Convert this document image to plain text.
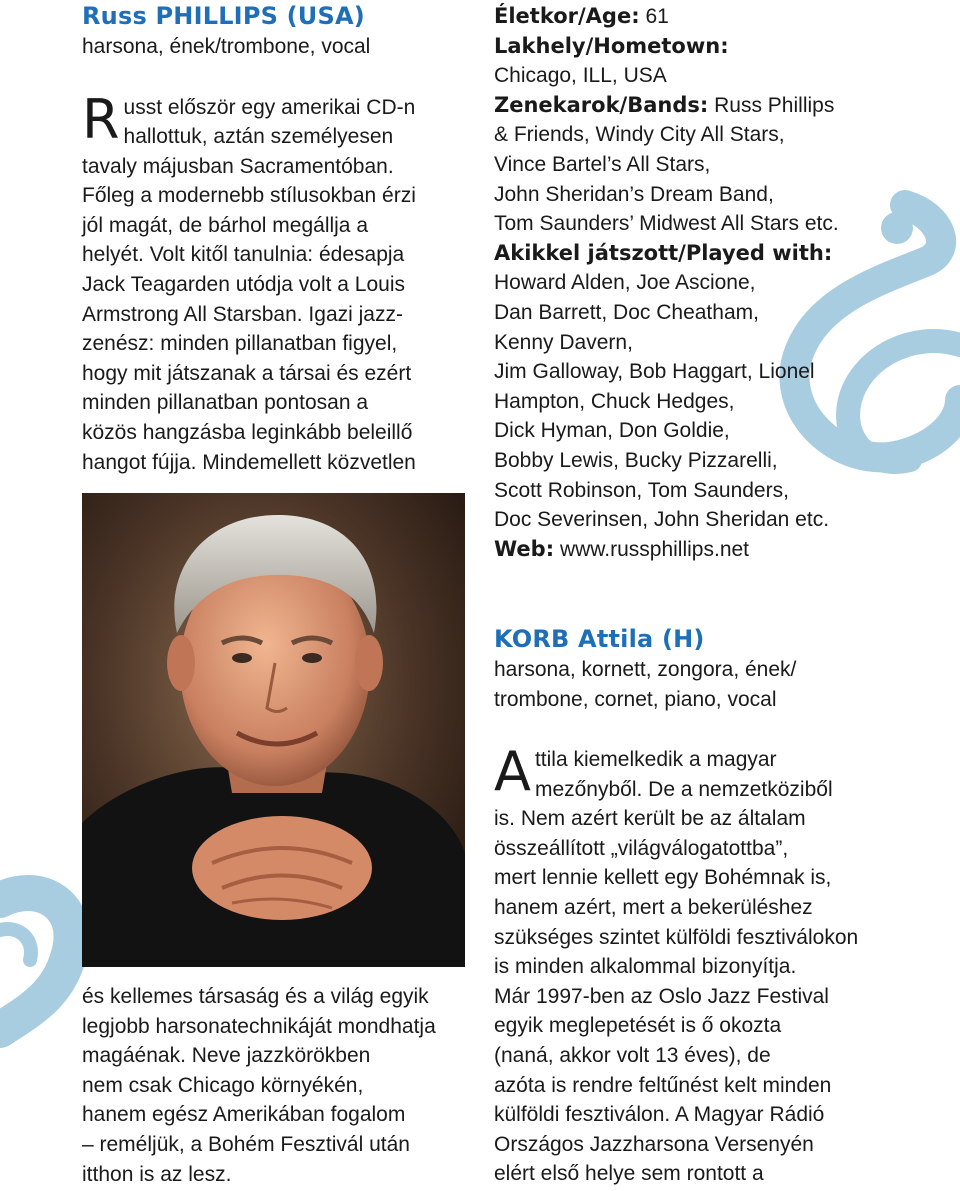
Russ PHILLIPS (USA)

harsona, ének/trombone, vocal

R usst először egy amerikai CD-n
hallottuk, aztán személyesen
tavaly májusban Sacramentóban.
Főleg a modernebb stílusokban érzi
jól magát, de bárhol megállja a
helyét. Volt kitől tanulnia: édesapja
Jack Teagarden utódja volt a Louis
Armstrong All Starsban. Igazi jazz-
zenész: minden pillanatban figyel,
hogy mit játszanak a társai és ezért
minden pillanatban pontosan a
közös hangzásba leginkább beleillő
hangot fújja. Mindemellett közvetlen
és kellemes társaság és a világ egyik
legjobb harsonatechnikáját mondhatja
magáénak. Neve jazzkörökben
nem csak Chicago környékén,
hanem egész Amerikában fogalom
– reméljük, a Bohém Fesztivál után
itthon is az lesz.
Életkor/Age: 61
Lakhely/Hometown:
Chicago, ILL, USA
Zenekarok/Bands: Russ Phillips
& Friends, Windy City All Stars,
Vince Bartel’s All Stars,
John Sheridan’s Dream Band,
Tom Saunders’ Midwest All Stars etc.
Akikkel játszott/Played with:
Howard Alden, Joe Ascione,
Dan Barrett, Doc Cheatham,
Kenny Davern,
Jim Galloway, Bob Haggart, Lionel
Hampton, Chuck Hedges,
Dick Hyman, Don Goldie,
Bobby Lewis, Bucky Pizzarelli,
Scott Robinson, Tom Saunders,
Doc Severinsen, John Sheridan etc.
Web: www.russphillips.net
KORB Attila (H)

harsona, kornett, zongora, ének/
trombone, cornet, piano, vocal

A ttila kiemelkedik a magyar
mezőnyből. De a nemzetköziből
is. Nem azért került be az általam
összeállított „világválogatottba”,
mert lennie kellett egy Bohémnak is,
hanem azért, mert a bekerüléshez
szükséges szintet külföldi fesztiválokon
is minden alkalommal bizonyítja.
Már 1997-ben az Oslo Jazz Festival
egyik meglepetését is ő okozta
(naná, akkor volt 13 éves), de
azóta is rendre feltűnést kelt minden
külföldi fesztiválon. A Magyar Rádió
Országos Jazzharsona Versenyén
elért első helye sem rontott a
